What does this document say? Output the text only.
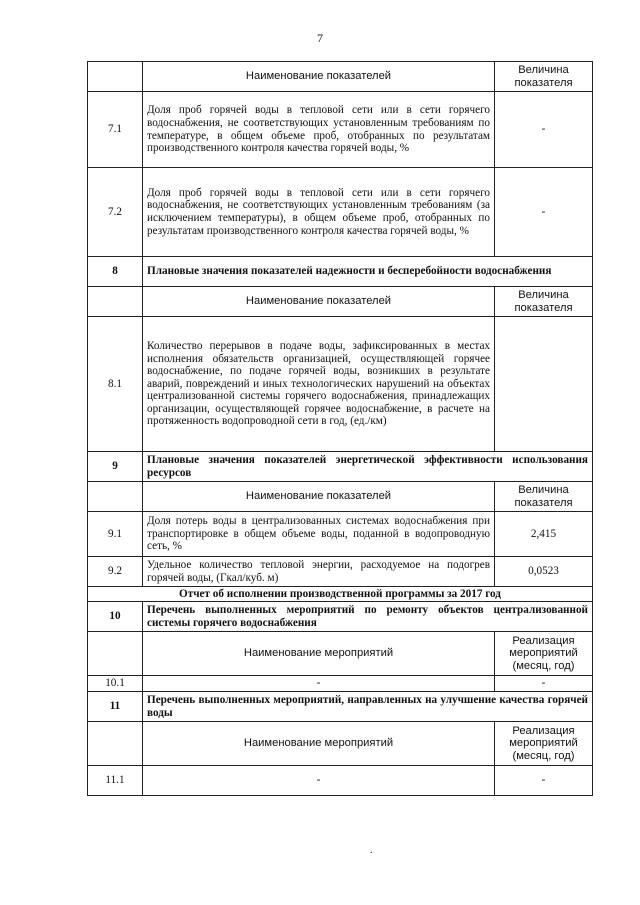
7
	Наименование показателей	Величина показателя
7.1	Доля проб горячей воды в тепловой сети или в сети горячего водоснабжения, не соответствующих установленным требованиям по температуре, в общем объеме проб, отобранных по результатам производственного контроля качества горячей воды, %	-
7.2	Доля проб горячей воды в тепловой сети или в сети горячего водоснабжения, не соответствующих установленным требованиям (за исключением температуры), в общем объеме проб, отобранных по результатам производственного контроля качества горячей воды, %	-
8	Плановые значения показателей надежности и бесперебойности водоснабжения	
	Наименование показателей	Величина показателя
8.1	Количество перерывов в подаче воды, зафиксированных в местах исполнения обязательств организацией, осуществляющей горячее водоснабжение, по подаче горячей воды, возникших в результате аварий, повреждений и иных технологических нарушений на объектах централизованной системы горячего водоснабжения, принадлежащих организации, осуществляющей горячее водоснабжение, в расчете на протяженность водопроводной сети в год, (ед./км)	
9	Плановые значения показателей энергетической эффективности использования ресурсов	
	Наименование показателей	Величина показателя
9.1	Доля потерь воды в централизованных системах водоснабжения при транспортировке в общем объеме воды, поданной в водопроводную сеть, %	2,415
9.2	Удельное количество тепловой энергии, расходуемое на подогрев горячей воды, (Гкал/куб. м)	0,0523
Отчет об исполнении производственной программы за 2017 год		
10	Перечень выполненных мероприятий по ремонту объектов централизованной системы горячего водоснабжения	
	Наименование мероприятий	Реализация мероприятий (месяц, год)
10.1	-	-
11	Перечень выполненных мероприятий, направленных на улучшение качества горячей воды	
	Наименование мероприятий	Реализация мероприятий (месяц, год)
11.1	-	-
.
